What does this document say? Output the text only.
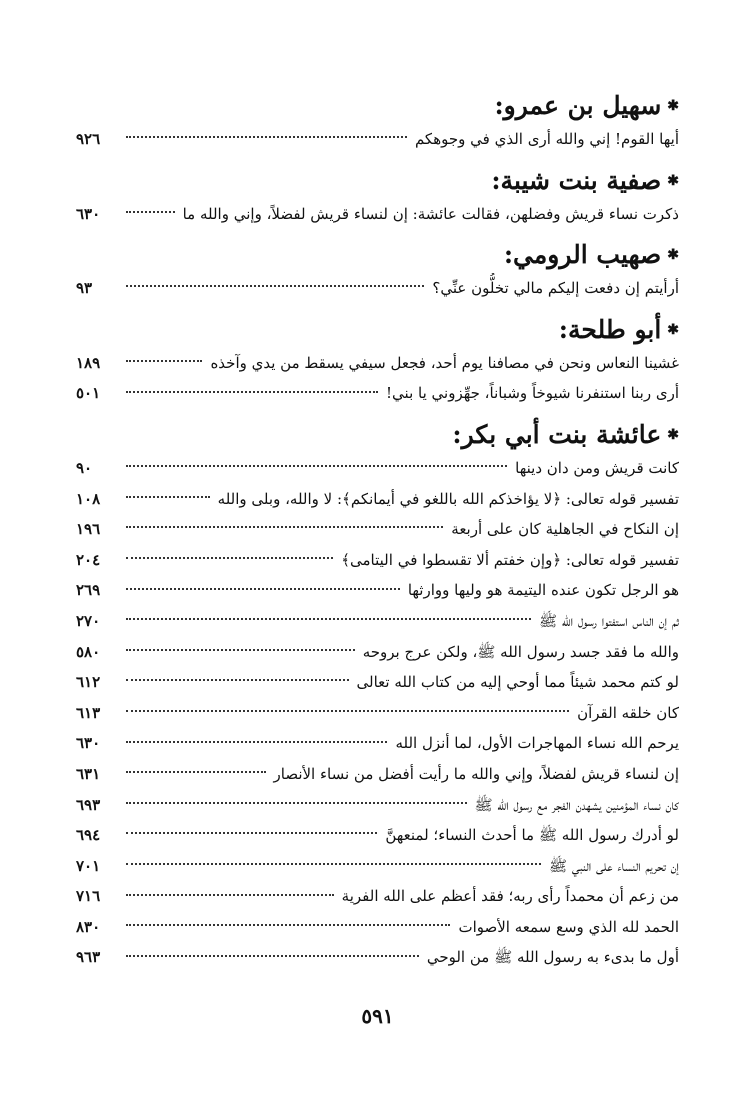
✱
سهيل بن عمرو:
أيها القوم! إني والله أرى الذي في وجوهكم
٩٢٦
✱
صفية بنت شيبة:
ذكرت نساء قريش وفضلهن، فقالت عائشة: إن لنساء قريش لفضلاً، وإني والله ما
٦٣٠
✱
صهيب الرومي:
أرأيتم إن دفعت إليكم مالي تخلُّون عنِّي؟
٩٣
✱
أبو طلحة:
غشينا النعاس ونحن في مصافنا يوم أحد، فجعل سيفي يسقط من يدي وآخذه
١٨٩
أرى ربنا استنفرنا شيوخاً وشباناً، جهِّزوني يا بني!
٥٠١
✱
عائشة بنت أبي بكر:
كانت قريش ومن دان دينها
٩٠
تفسير قوله تعالى: ﴿لا يؤاخذكم الله باللغو في أيمانكم﴾: لا والله، وبلى والله
١٠٨
إن النكاح في الجاهلية كان على أربعة
١٩٦
تفسير قوله تعالى: ﴿وإن خفتم ألا تقسطوا في اليتامى﴾
٢٠٤
هو الرجل تكون عنده اليتيمة هو وليها ووارثها
٢٦٩
ثم إن الناس استفتوا رسول الله ﷺ
٢٧٠
والله ما فقد جسد رسول الله ﷺ، ولكن عرج بروحه
٥٨٠
لو كتم محمد شيئاً مما أوحي إليه من كتاب الله تعالى
٦١٢
كان خلقه القرآن
٦١٣
يرحم الله نساء المهاجرات الأول، لما أنزل الله
٦٣٠
إن لنساء قريش لفضلاً، وإني والله ما رأيت أفضل من نساء الأنصار
٦٣١
كان نساء المؤمنين يشهدن الفجر مع رسول الله ﷺ
٦٩٣
لو أدرك رسول الله ﷺ ما أحدث النساء؛ لمنعهنَّ
٦٩٤
إن تحريم النساء على النبي ﷺ
٧٠١
من زعم أن محمداً رأى ربه؛ فقد أعظم على الله الفرية
٧١٦
الحمد لله الذي وسع سمعه الأصوات
٨٣٠
أول ما بدىء به رسول الله ﷺ من الوحي
٩٦٣
٥٩١
